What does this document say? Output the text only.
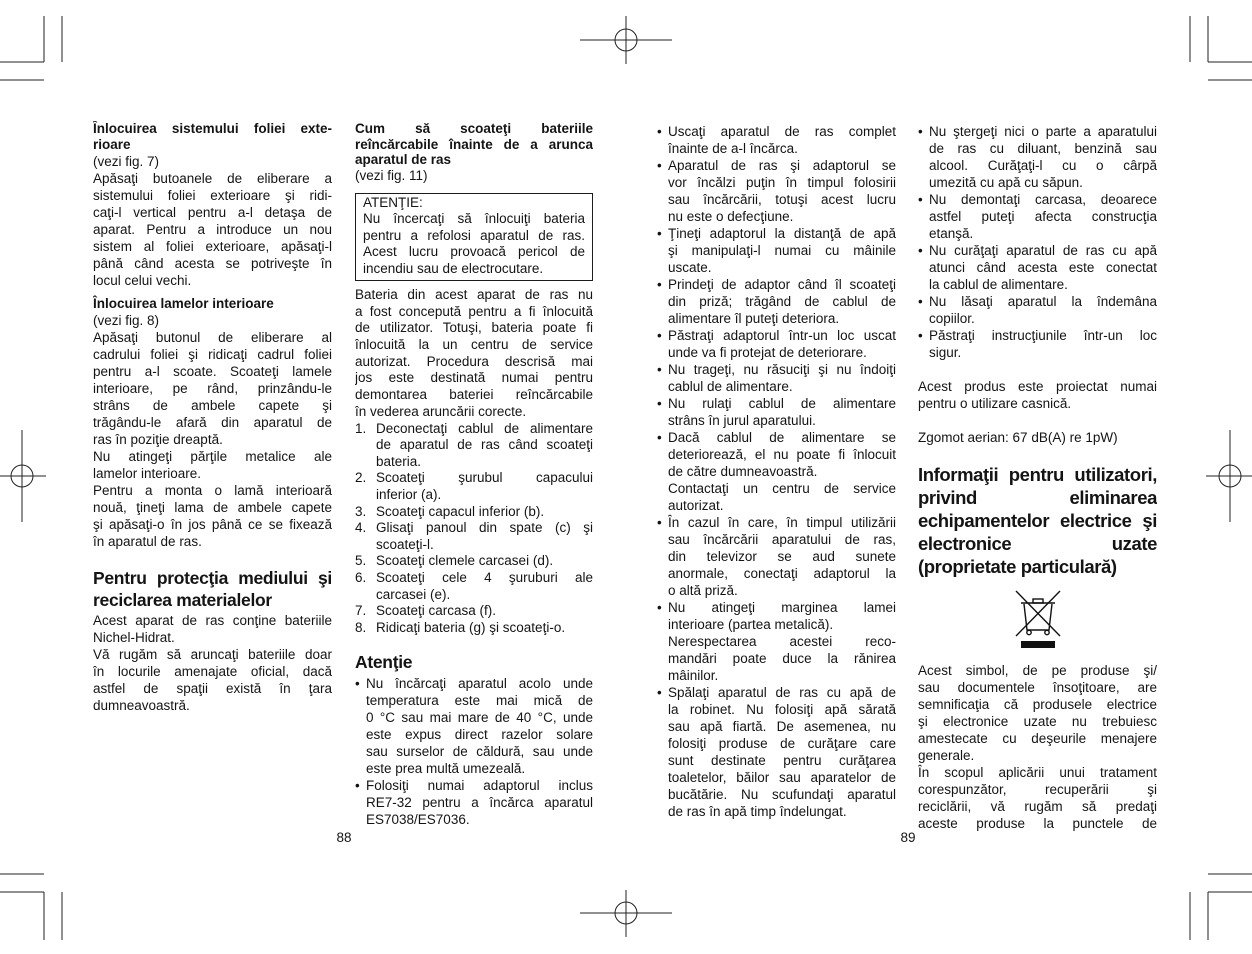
Înlocuirea sistemului foliei exte-
rioare
(vezi fig. 7)
Apăsaţi butoanele de eliberare a
sistemului foliei exterioare şi ridi-
caţi-l vertical pentru a-l detaşa de
aparat. Pentru a introduce un nou
sistem al foliei exterioare, apăsaţi-l
până când acesta se potriveşte în
locul celui vechi.
Înlocuirea lamelor interioare
(vezi fig. 8)
Apăsaţi butonul de eliberare al
cadrului foliei şi ridicaţi cadrul foliei
pentru a-l scoate. Scoateţi lamele
interioare, pe rând, prinzându-le
strâns de ambele capete şi
trăgându-le afară din aparatul de
ras în poziţie dreaptă.
Nu atingeţi părţile metalice ale
lamelor interioare.
Pentru a monta o lamă interioară
nouă, ţineţi lama de ambele capete
şi apăsaţi-o în jos până ce se fixează
în aparatul de ras.
Pentru protecţia mediului şi
reciclarea materialelor
Acest aparat de ras conţine bateriile
Nichel-Hidrat.
Vă rugăm să aruncaţi bateriile doar
în locurile amenajate oficial, dacă
astfel de spaţii există în ţara
dumneavoastră.
Cum să scoateţi bateriile
reîncărcabile înainte de a arunca
aparatul de ras
(vezi fig. 11)
ATENŢIE:
Nu încercaţi să înlocuiţi bateria
pentru a refolosi aparatul de ras.
Acest lucru provoacă pericol de
incendiu sau de electrocutare.
Bateria din acest aparat de ras nu
a fost concepută pentru a fi înlocuită
de utilizator. Totuşi, bateria poate fi
înlocuită la un centru de service
autorizat. Procedura descrisă mai
jos este destinată numai pentru
demontarea bateriei reîncărcabile
în vederea aruncării corecte.
1. Deconectaţi cablul de alimentare
de aparatul de ras când scoateţi
bateria.
2. Scoateţi şurubul capacului
inferior (a).
3. Scoateţi capacul inferior (b).
4. Glisaţi panoul din spate (c) şi
scoateţi-l.
5. Scoateţi clemele carcasei (d).
6. Scoateţi cele 4 şuruburi ale
carcasei (e).
7. Scoateţi carcasa (f).
8. Ridicaţi bateria (g) şi scoateţi-o.
Atenţie
• Nu încărcaţi aparatul acolo unde
temperatura este mai mică de
0 °C sau mai mare de 40 °C, unde
este expus direct razelor solare
sau surselor de căldură, sau unde
este prea multă umezeală.
• Folosiţi numai adaptorul inclus
RE7-32 pentru a încărca aparatul
ES7038/ES7036.
88
• Uscaţi aparatul de ras complet
înainte de a-l încărca.
• Aparatul de ras şi adaptorul se
vor încălzi puţin în timpul folosirii
sau încărcării, totuşi acest lucru
nu este o defecţiune.
• Ţineţi adaptorul la distanţă de apă
şi manipulaţi-l numai cu mâinile
uscate.
• Prindeţi de adaptor când îl scoateţi
din priză; trăgând de cablul de
alimentare îl puteţi deteriora.
• Păstraţi adaptorul într-un loc uscat
unde va fi protejat de deteriorare.
• Nu trageţi, nu răsuciţi şi nu îndoiţi
cablul de alimentare.
• Nu rulaţi cablul de alimentare
strâns în jurul aparatului.
• Dacă cablul de alimentare se
deteriorează, el nu poate fi înlocuit
de către dumneavoastră.
Contactaţi un centru de service
autorizat.
• În cazul în care, în timpul utilizării
sau încărcării aparatului de ras,
din televizor se aud sunete
anormale, conectaţi adaptorul la
o altă priză.
• Nu atingeţi marginea lamei
interioare (partea metalică).
Nerespectarea acestei reco-
mandări poate duce la rănirea
mâinilor.
• Spălaţi aparatul de ras cu apă de
la robinet. Nu folosiţi apă sărată
sau apă fiartă. De asemenea, nu
folosiţi produse de curăţare care
sunt destinate pentru curăţarea
toaletelor, băilor sau aparatelor de
bucătărie. Nu scufundaţi aparatul
de ras în apă timp îndelungat.
89
• Nu ştergeţi nici o parte a aparatului
de ras cu diluant, benzină sau
alcool. Curăţaţi-l cu o cârpă
umezită cu apă cu săpun.
• Nu demontaţi carcasa, deoarece
astfel puteţi afecta construcţia
etanşă.
• Nu curăţaţi aparatul de ras cu apă
atunci când acesta este conectat
la cablul de alimentare.
• Nu lăsaţi aparatul la îndemâna
copiilor.
• Păstraţi instrucţiunile într-un loc
sigur.
Acest produs este proiectat numai
pentru o utilizare casnică.
Zgomot aerian: 67 dB(A) re 1pW)
Informaţii pentru utilizatori,
privind eliminarea
echipamentelor electrice şi
electronice uzate
(proprietate particulară)
Acest simbol, de pe produse şi/
sau documentele însoţitoare, are
semnificaţia că produsele electrice
şi electronice uzate nu trebuiesc
amestecate cu deşeurile menajere
generale.
În scopul aplicării unui tratament
corespunzător, recuperării şi
reciclării, vă rugăm să predaţi
aceste produse la punctele de
